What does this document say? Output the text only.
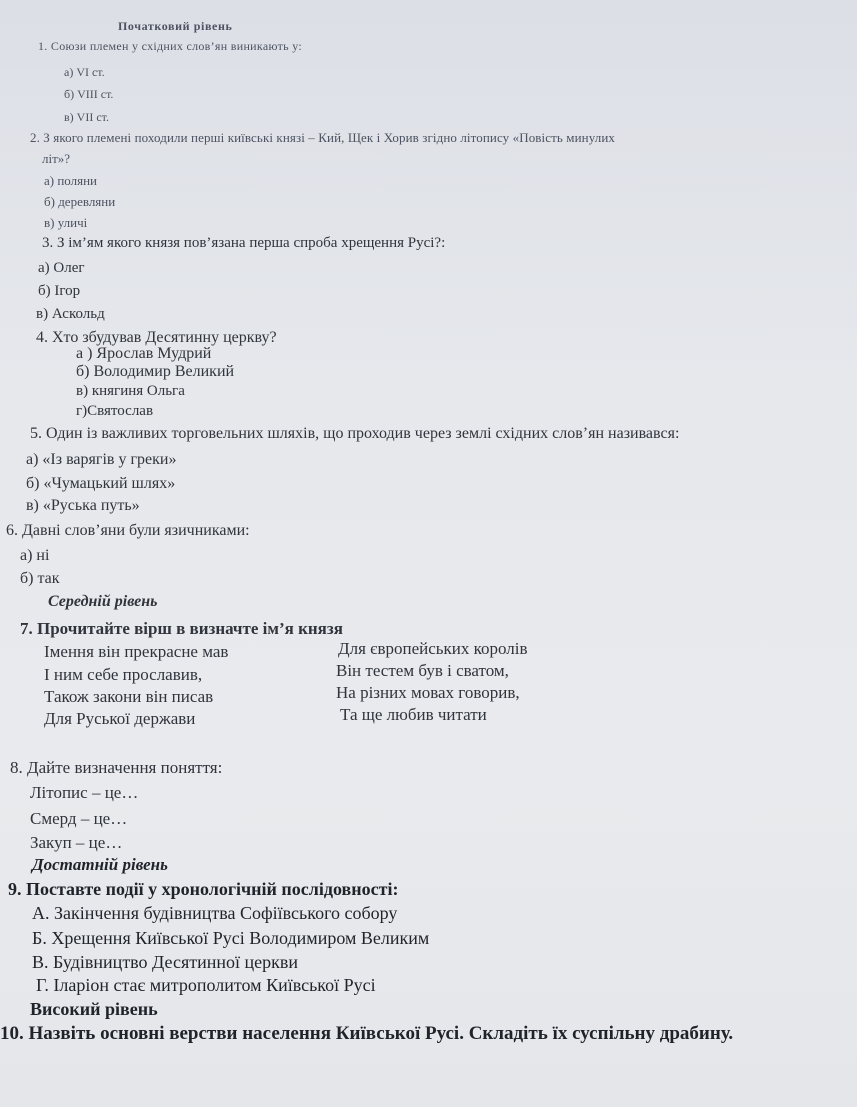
Початковий рівень
1. Союзи племен у східних слов’ян виникають у:
а) VI ст.
б) VIII ст.
в) VII ст.
2. З якого племені походили перші київські князі – Кий, Щек і Хорив згідно літопису «Повість минулих
літ»?
а) поляни
б) деревляни
в) уличі
3. З ім’ям якого князя пов’язана перша спроба хрещення Русі?:
а) Олег
б) Ігор
в) Аскольд
4. Хто збудував Десятинну церкву?
а ) Ярослав Мудрий
б) Володимир Великий
в) княгиня Ольга
г)Святослав
5. Один із важливих торговельних шляхів, що проходив через землі східних слов’ян називався:
а) «Із варягів у греки»
б) «Чумацький шлях»
в) «Руська путь»
6. Давні слов’яни були язичниками:
а) ні
б) так
Середній рівень
7. Прочитайте вірш в визначте ім’я князя
Імення він прекрасне мав
І ним себе прославив,
Також закони він писав
Для Руської держави
Для європейських королів
Він тестем був і сватом,
На різних мовах говорив,
Та ще любив читати
8. Дайте визначення поняття:
Літопис – це…
Смерд – це…
Закуп – це…
Достатній рівень
9. Поставте події у хронологічній послідовності:
А. Закінчення будівництва Софіївського собору
Б. Хрещення Київської Русі Володимиром Великим
В. Будівництво Десятинної церкви
Г. Іларіон стає митрополитом Київської Русі
Високий рівень
10. Назвіть основні верстви населення Київської Русі. Складіть їх суспільну драбину.
